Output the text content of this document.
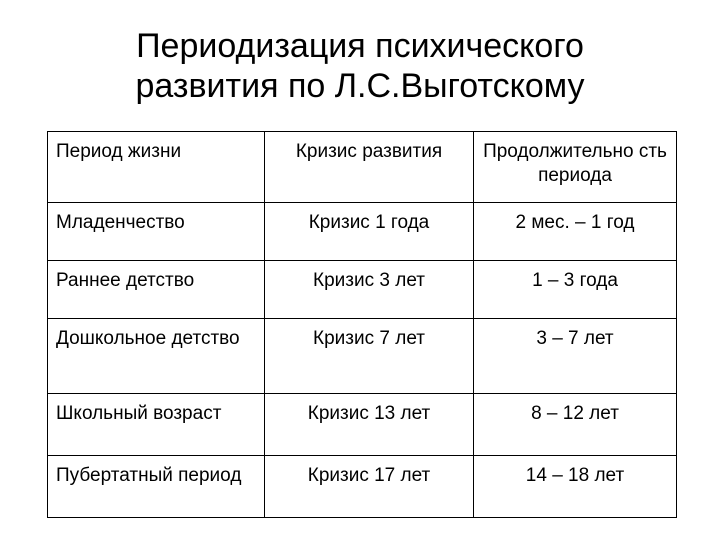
Периодизация психического
развития по Л.С.Выготскому
Период жизни	Кризис развития	Продолжительно сть периода
Младенчество	Кризис 1 года	2 мес. – 1 год
Раннее детство	Кризис 3 лет	1 – 3 года
Дошкольное детство	Кризис 7 лет	3 – 7 лет
Школьный возраст	Кризис 13 лет	8 – 12 лет
Пубертатный период	Кризис 17 лет	14 – 18 лет
